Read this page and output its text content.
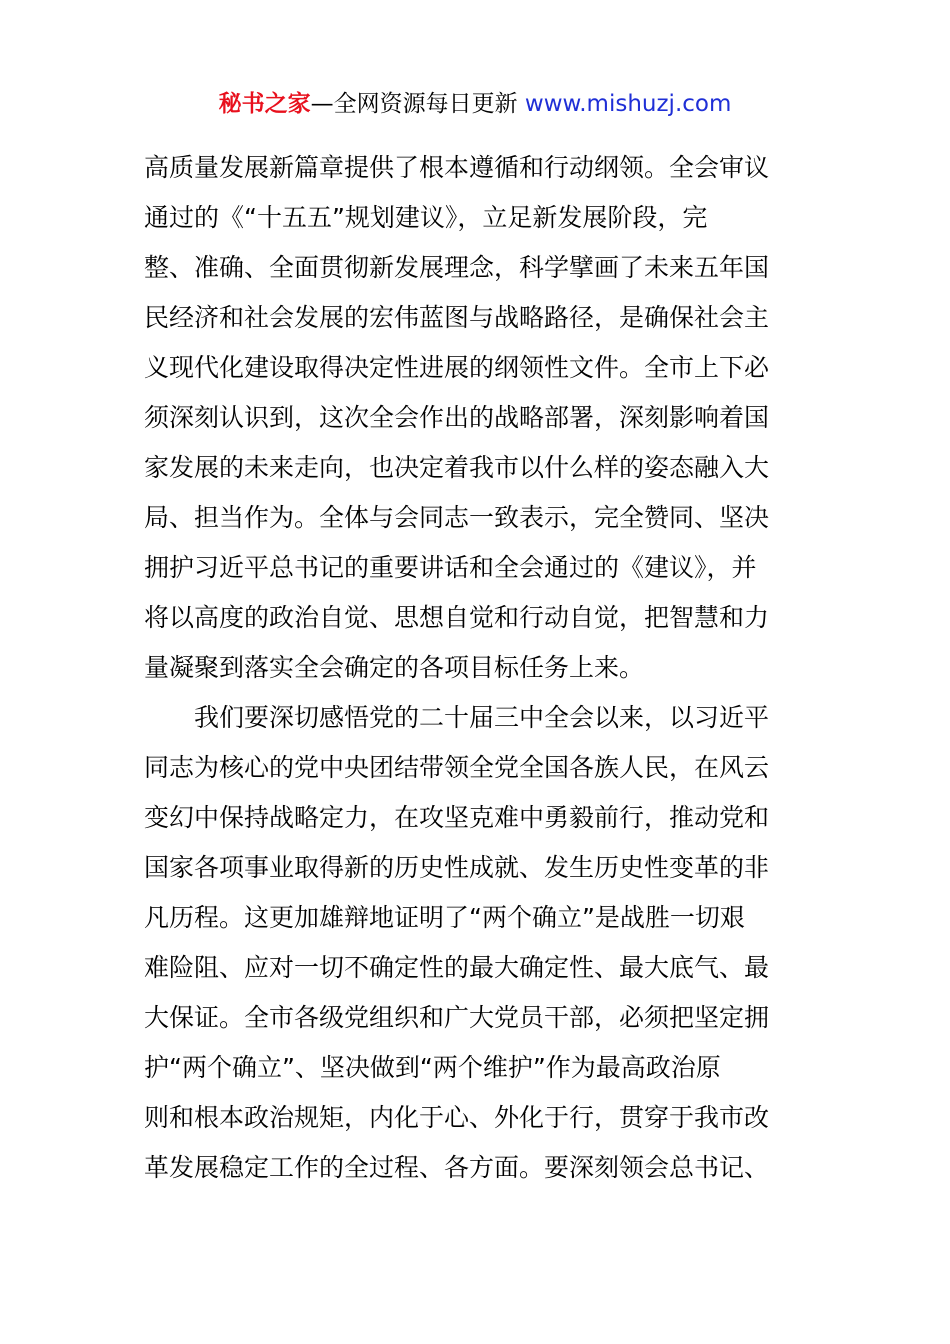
秘书之家—全网资源每日更新 www.mishuzj.com
高质量发展新篇章提供了根本遵循和行动纲领。全会审议
通过的《“十五五”规划建议》，立足新发展阶段，完
整、准确、全面贯彻新发展理念，科学擘画了未来五年国
民经济和社会发展的宏伟蓝图与战略路径，是确保社会主
义现代化建设取得决定性进展的纲领性文件。全市上下必
须深刻认识到，这次全会作出的战略部署，深刻影响着国
家发展的未来走向，也决定着我市以什么样的姿态融入大
局、担当作为。全体与会同志一致表示，完全赞同、坚决
拥护习近平总书记的重要讲话和全会通过的《建议》，并
将以高度的政治自觉、思想自觉和行动自觉，把智慧和力
量凝聚到落实全会确定的各项目标任务上来。
我们要深切感悟党的二十届三中全会以来，以习近平
同志为核心的党中央团结带领全党全国各族人民，在风云
变幻中保持战略定力，在攻坚克难中勇毅前行，推动党和
国家各项事业取得新的历史性成就、发生历史性变革的非
凡历程。这更加雄辩地证明了“两个确立”是战胜一切艰
难险阻、应对一切不确定性的最大确定性、最大底气、最
大保证。全市各级党组织和广大党员干部，必须把坚定拥
护“两个确立”、坚决做到“两个维护”作为最高政治原
则和根本政治规矩，内化于心、外化于行，贯穿于我市改
革发展稳定工作的全过程、各方面。要深刻领会总书记、
